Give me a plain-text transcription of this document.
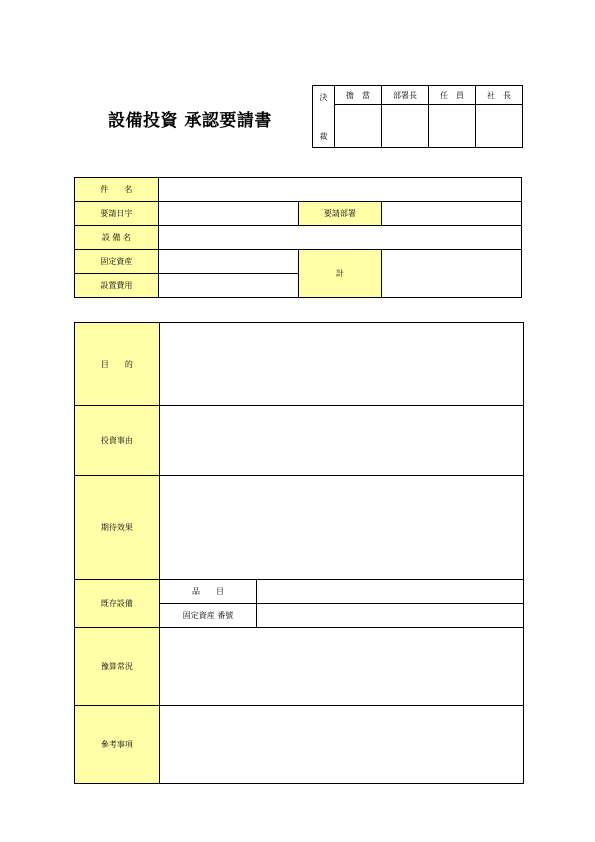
設備投資 承認要請書
決
裁	擔　當	部署長	任　員	社　長

件　　名			
要請日字		要請部署	
設 備 名			
固定資産		計	
設置費用			
目　　的		
投資事由		
期待效果		
旣存設備	品　　目	
	固定資産 番號	
豫算常況		
參考事項		
